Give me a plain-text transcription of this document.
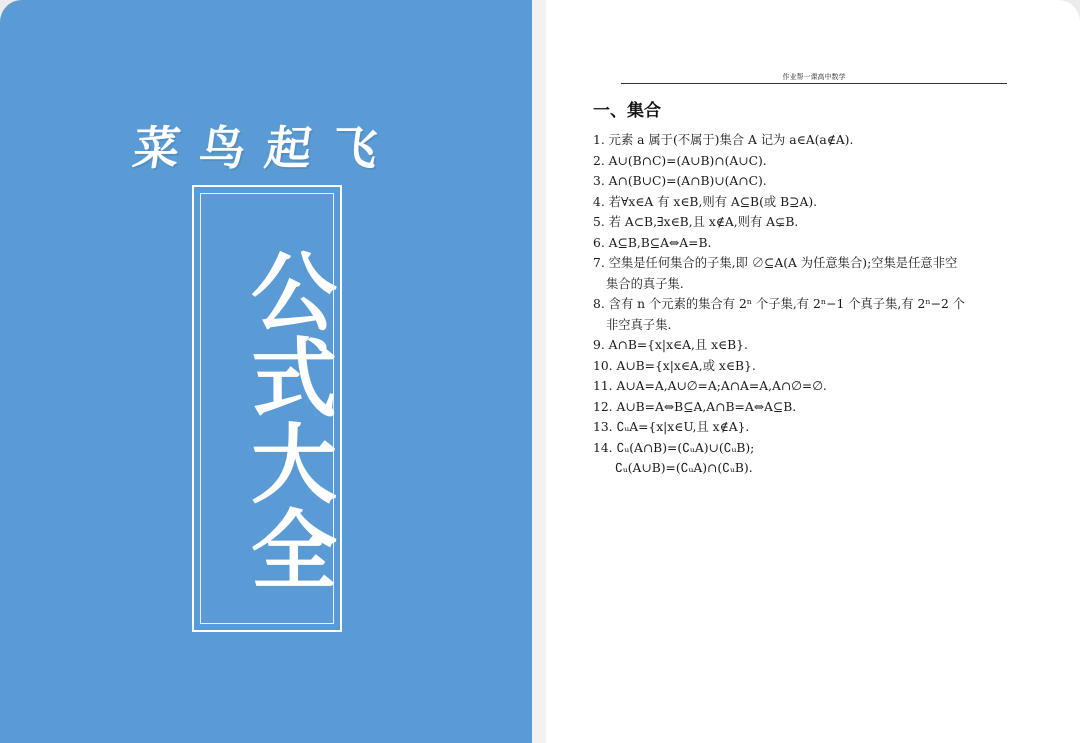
菜鸟起飞
公式大全
作业帮一课高中数学
一、集合
1. 元素 a 属于(不属于)集合 A 记为 a∈A(a∉A).
2. A∪(B∩C)=(A∪B)∩(A∪C).
3. A∩(B∪C)=(A∩B)∪(A∩C).
4. 若∀x∈A 有 x∈B,则有 A⊆B(或 B⊇A).
5. 若 A⊂B,∃x∈B,且 x∉A,则有 A⊊B.
6. A⊆B,B⊆A⇔A=B.
7. 空集是任何集合的子集,即 ∅⊆A(A 为任意集合);空集是任意非空
集合的真子集.
8. 含有 n 个元素的集合有 2ⁿ 个子集,有 2ⁿ−1 个真子集,有 2ⁿ−2 个
非空真子集.
9. A∩B={x|x∈A,且 x∈B}.
10. A∪B={x|x∈A,或 x∈B}.
11. A∪A=A,A∪∅=A;A∩A=A,A∩∅=∅.
12. A∪B=A⇔B⊆A,A∩B=A⇔A⊆B.
13. ∁ᵤA={x|x∈U,且 x∉A}.
14. ∁ᵤ(A∩B)=(∁ᵤA)∪(∁ᵤB);
∁ᵤ(A∪B)=(∁ᵤA)∩(∁ᵤB).
